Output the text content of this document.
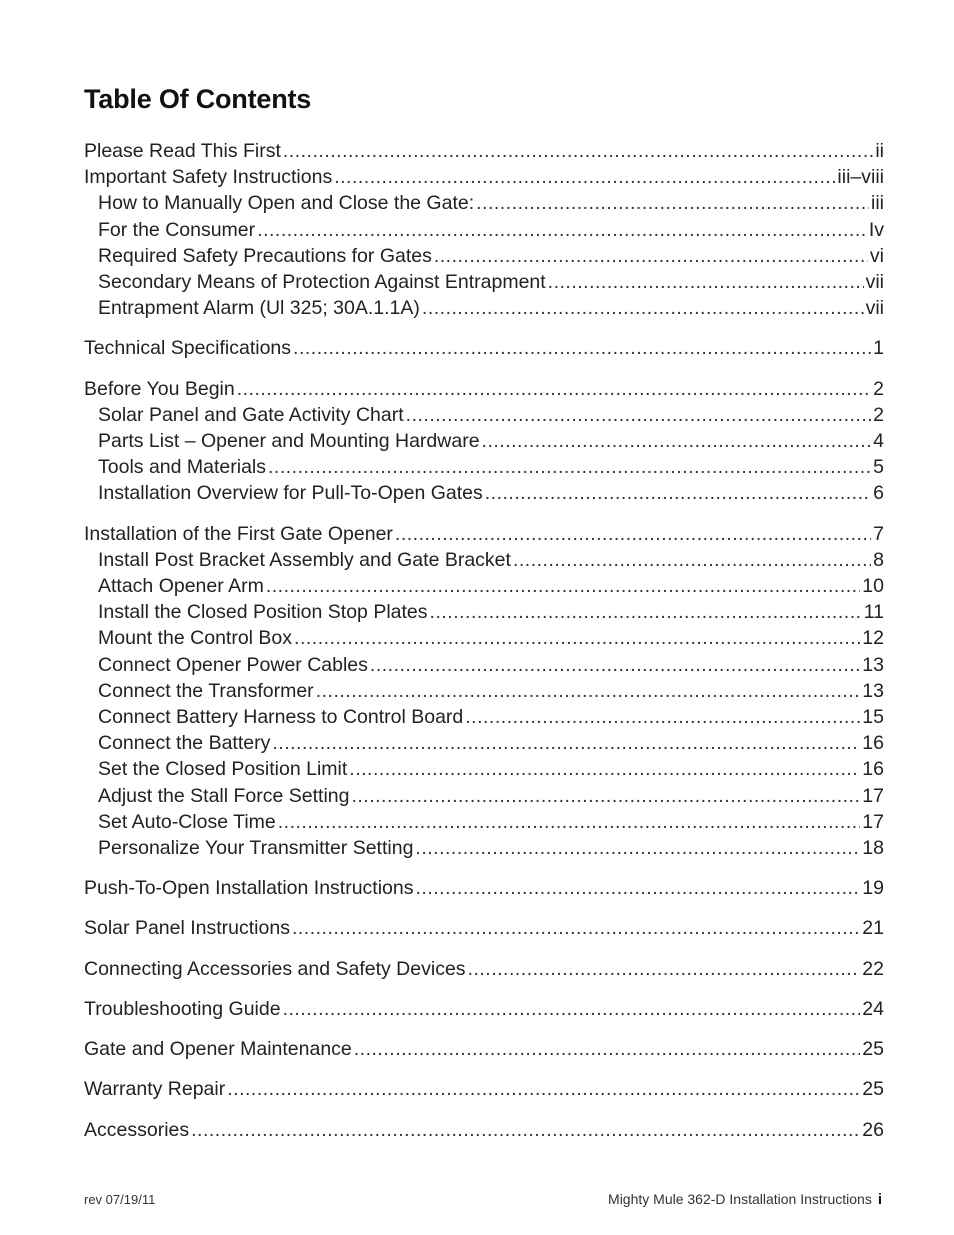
Table Of Contents
Please Read This First .....	ii
Important Safety Instructions .....	iii–viii
How to Manually Open and Close the Gate: .....	iii
For the Consumer .....	Iv
Required Safety Precautions for Gates .....	vi
Secondary Means of Protection Against Entrapment .....	vii
Entrapment Alarm (Ul 325; 30A.1.1A) .....	vii
Technical Specifications .....	1
Before You Begin .....	2
Solar Panel and Gate Activity Chart .....	2
Parts List – Opener and Mounting Hardware .....	4
Tools and Materials .....	5
Installation Overview for Pull-To-Open Gates .....	6
Installation of the First Gate Opener .....	7
Install Post Bracket Assembly and Gate Bracket .....	8
Attach Opener Arm .....	10
Install the Closed Position Stop Plates .....	11
Mount the Control Box .....	12
Connect Opener Power Cables .....	13
Connect the Transformer .....	13
Connect Battery Harness to Control Board .....	15
Connect the Battery .....	16
Set the Closed Position Limit .....	16
Adjust the Stall Force Setting .....	17
Set Auto-Close Time .....	17
Personalize Your Transmitter Setting .....	18
Push-To-Open Installation Instructions .....	19
Solar Panel Instructions .....	21
Connecting Accessories and Safety Devices .....	22
Troubleshooting Guide .....	24
Gate and Opener Maintenance .....	25
Warranty Repair .....	25
Accessories .....	26
rev 07/19/11	Mighty Mule 362-D Installation Instructions i
